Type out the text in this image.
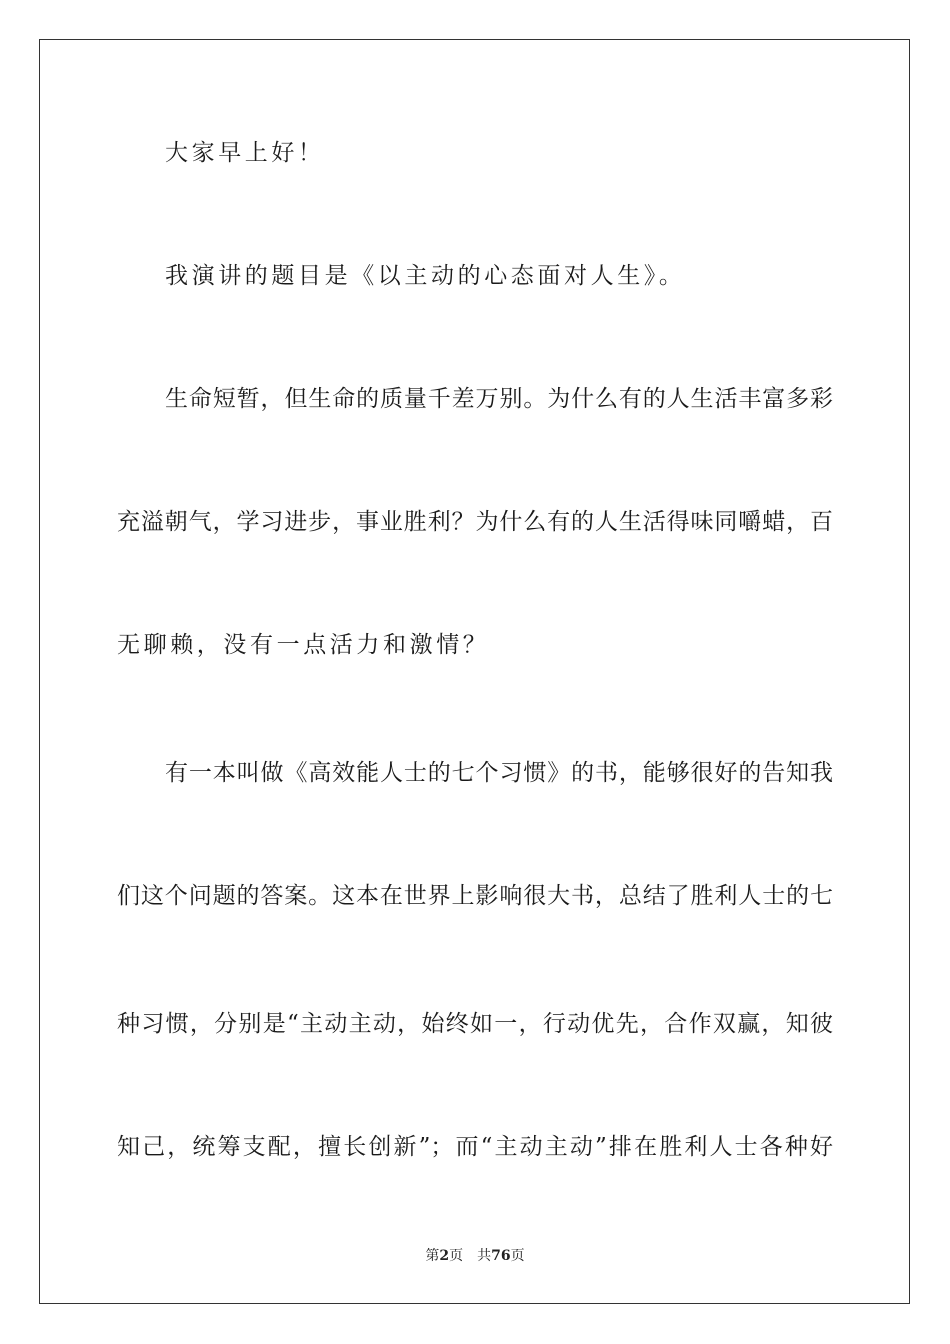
大家早上好！
我演讲的题目是《以主动的心态面对人生》。
生命短暂，但生命的质量千差万别。为什么有的人生活丰富多彩
充溢朝气，学习进步，事业胜利？为什么有的人生活得味同嚼蜡，百
无聊赖，没有一点活力和激情？
有一本叫做《高效能人士的七个习惯》的书，能够很好的告知我
们这个问题的答案。这本在世界上影响很大书，总结了胜利人士的七
种习惯，分别是“主动主动，始终如一，行动优先，合作双赢，知彼
知己，统筹支配，擅长创新”；而“主动主动”排在胜利人士各种好
第2页 共76页
